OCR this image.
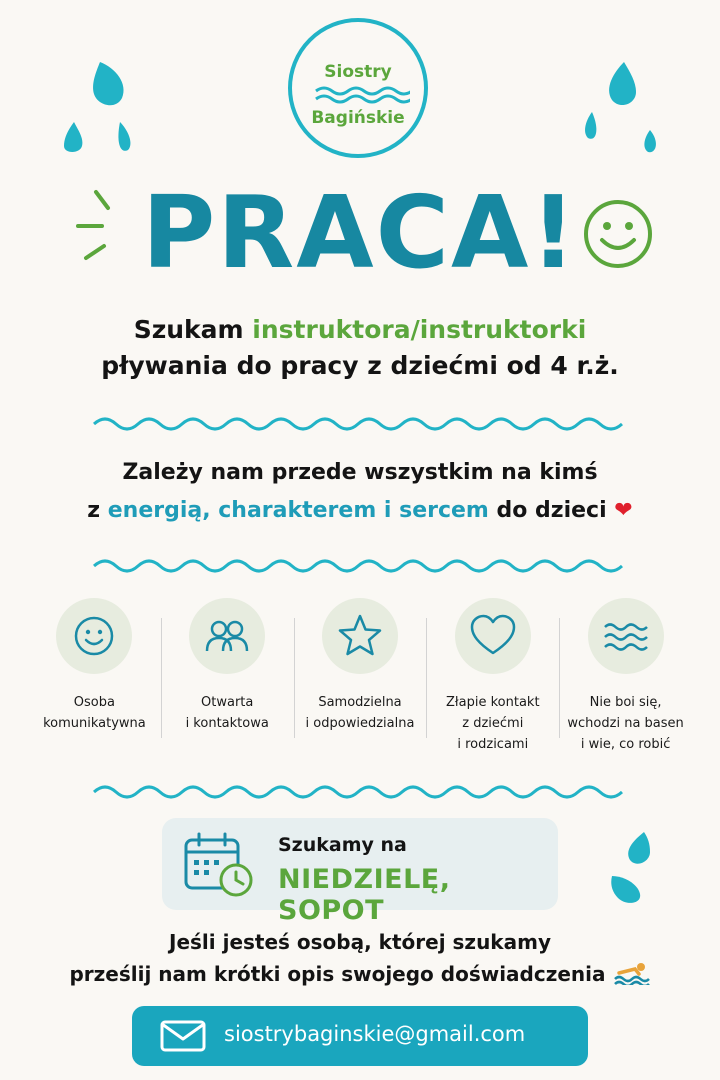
Siostry
Bagińskie
PRACA!
Szukam instruktora/instruktorki
pływania do pracy z dziećmi od 4 r.ż.
Zależy nam przede wszystkim na kimś
z energią, charakterem i sercem do dzieci ❤
Osoba
komunikatywna
Otwarta
i kontaktowa
Samodzielna
i odpowiedzialna
Złapie kontakt
z dziećmi
i rodzicami
Nie boi się,
wchodzi na basen
i wie, co robić
Szukamy na
NIEDZIELĘ, SOPOT
Jeśli jesteś osobą, której szukamy
prześlij nam krótki opis swojego doświadczenia
siostrybaginskie@gmail.com
